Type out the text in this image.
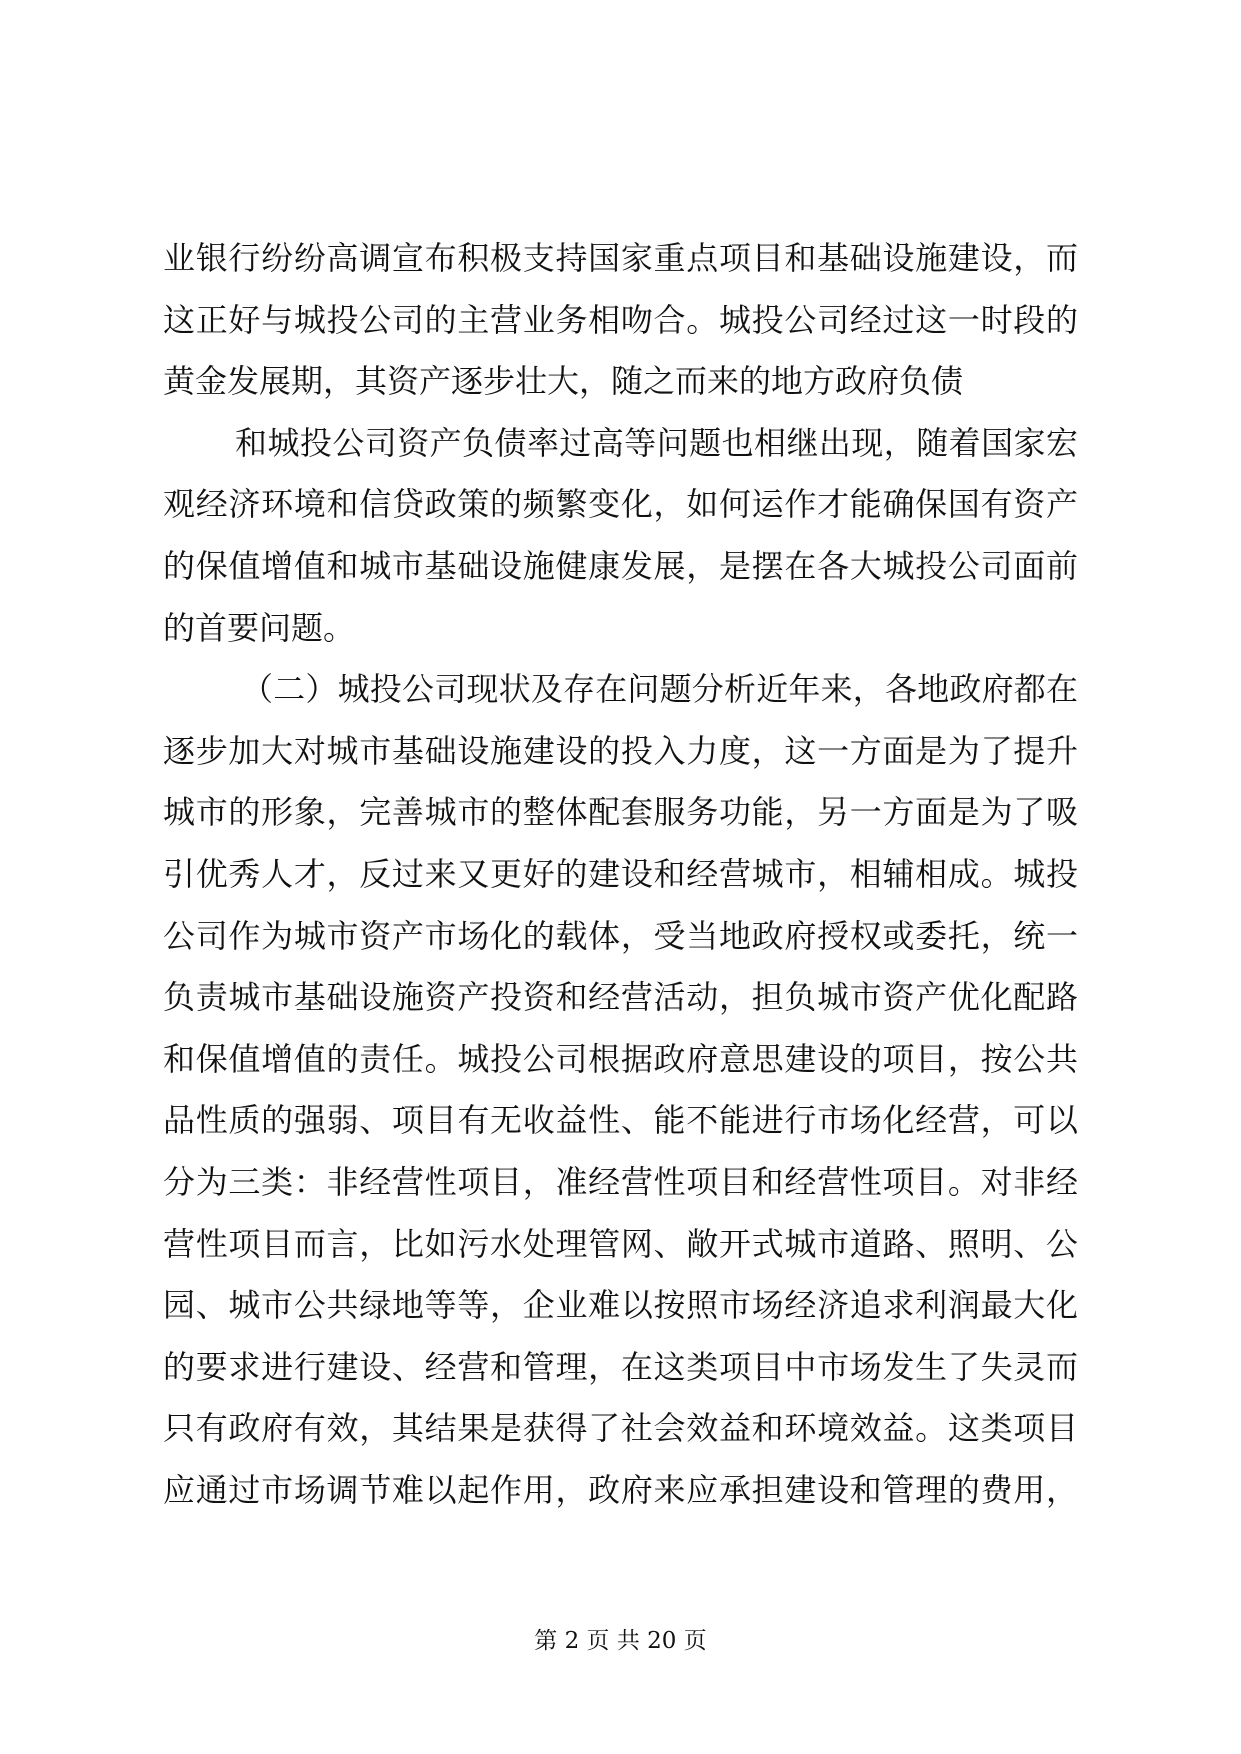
业银行纷纷高调宣布积极支持国家重点项目和基础设施建设，而
这正好与城投公司的主营业务相吻合。城投公司经过这一时段的
黄金发展期，其资产逐步壮大，随之而来的地方政府负债
和城投公司资产负债率过高等问题也相继出现，随着国家宏
观经济环境和信贷政策的频繁变化，如何运作才能确保国有资产
的保值增值和城市基础设施健康发展，是摆在各大城投公司面前
的首要问题。
（二）城投公司现状及存在问题分析近年来，各地政府都在
逐步加大对城市基础设施建设的投入力度，这一方面是为了提升
城市的形象，完善城市的整体配套服务功能，另一方面是为了吸
引优秀人才，反过来又更好的建设和经营城市，相辅相成。城投
公司作为城市资产市场化的载体，受当地政府授权或委托，统一
负责城市基础设施资产投资和经营活动，担负城市资产优化配路
和保值增值的责任。城投公司根据政府意思建设的项目，按公共
品性质的强弱、项目有无收益性、能不能进行市场化经营，可以
分为三类：非经营性项目，准经营性项目和经营性项目。对非经
营性项目而言，比如污水处理管网、敞开式城市道路、照明、公
园、城市公共绿地等等，企业难以按照市场经济追求利润最大化
的要求进行建设、经营和管理，在这类项目中市场发生了失灵而
只有政府有效，其结果是获得了社会效益和环境效益。这类项目
应通过市场调节难以起作用，政府来应承担建设和管理的费用，
第 2 页 共 20 页
